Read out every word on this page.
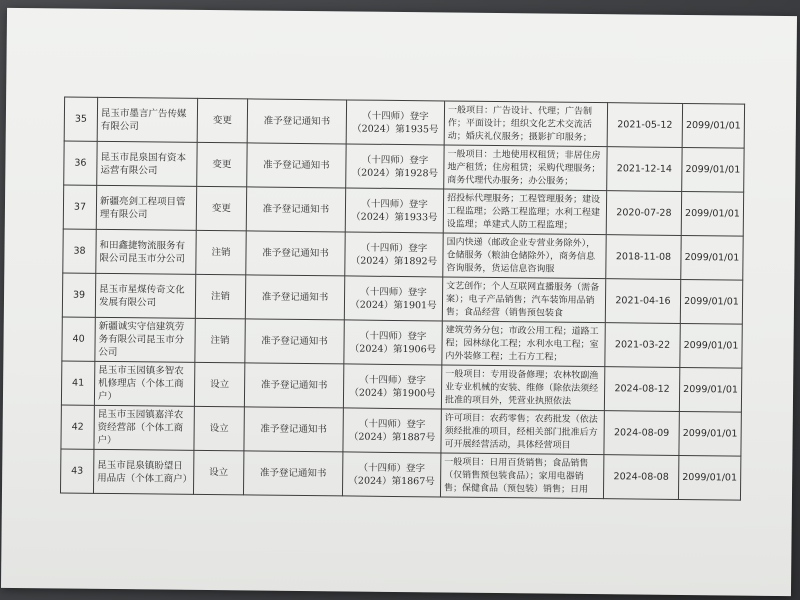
35	昆玉市墨言广告传媒有限公司	变更	准予登记通知书	（十四师）登字（2024）第1935号	一般项目：广告设计、代理；广告制作；平面设计；组织文化艺术交流活动；婚庆礼仪服务；摄影扩印服务；	2021-05-12	2099/01/01
36	昆玉市昆泉国有资本运营有限公司	变更	准予登记通知书	（十四师）登字（2024）第1928号	一般项目：土地使用权租赁；非居住房地产租赁；住房租赁；采购代理服务；商务代理代办服务；办公服务；	2021-12-14	2099/01/01
37	新疆亮剑工程项目管理有限公司	变更	准予登记通知书	（十四师）登字（2024）第1933号	招投标代理服务；工程管理服务；建设工程监理；公路工程监理；水利工程建设监理；单建式人防工程监理；	2020-07-28	2099/01/01
38	和田鑫捷物流服务有限公司昆玉市分公司	注销	准予登记通知书	（十四师）登字（2024）第1892号	国内快递（邮政企业专营业务除外），仓储服务（粮油仓储除外），商务信息咨询服务，货运信息咨询服	2018-11-08	2099/01/01
39	昆玉市星煤传奇文化发展有限公司	注销	准予登记通知书	（十四师）登字（2024）第1901号	文艺创作；个人互联网直播服务（需备案）；电子产品销售；汽车装饰用品销售；食品经营（销售预包装食	2021-04-16	2099/01/01
40	新疆诚实守信建筑劳务有限公司昆玉市分公司	注销	准予登记通知书	（十四师）登字（2024）第1906号	建筑劳务分包；市政公用工程；道路工程；园林绿化工程；水利水电工程；室内外装修工程；土石方工程；	2021-03-22	2099/01/01
41	昆玉市玉园镇多智农机修理店（个体工商户）	设立	准予登记通知书	（十四师）登字（2024）第1900号	一般项目：专用设备修理；农林牧副渔业专业机械的安装、维修（除依法须经批准的项目外，凭营业执照依法	2024-08-12	2099/01/01
42	昆玉市玉园镇嘉洋农资经营部（个体工商户）	设立	准予登记通知书	（十四师）登字（2024）第1887号	许可项目：农药零售；农药批发（依法须经批准的项目，经相关部门批准后方可开展经营活动，具体经营项目	2024-08-09	2099/01/01
43	昆玉市昆泉镇盼望日用品店（个体工商户）	设立	准予登记通知书	（十四师）登字（2024）第1867号	一般项目：日用百货销售；食品销售（仅销售预包装食品）；家用电器销售；保健食品（预包装）销售；日用	2024-08-08	2099/01/01
